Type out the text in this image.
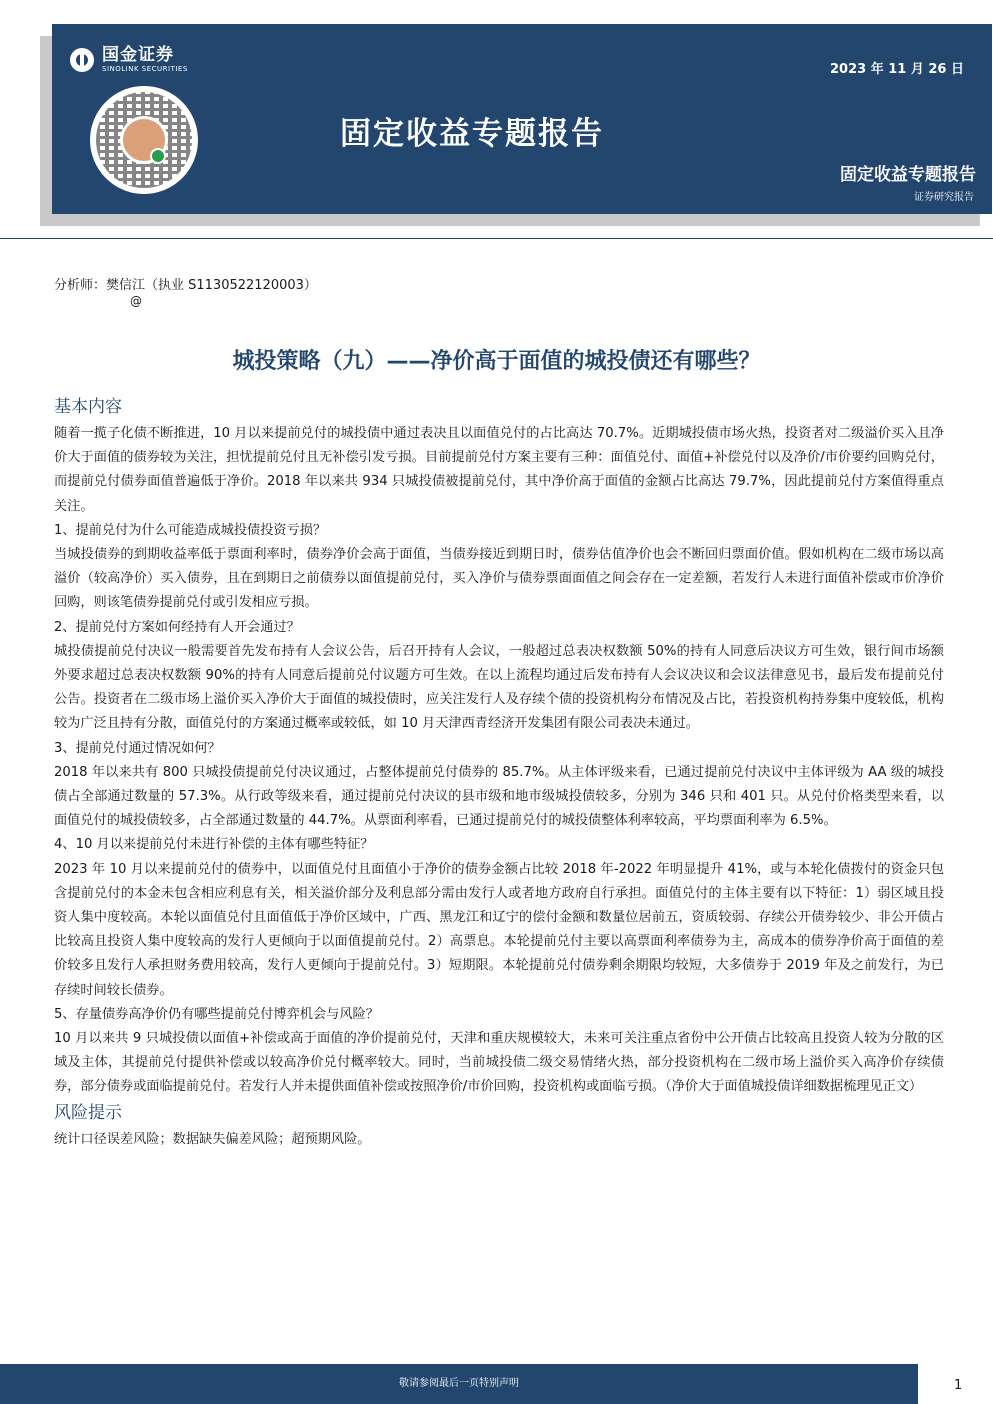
国金证券
SINOLINK SECURITIES	2023 年 11 月 26 日
固定收益专题报告
固定收益专题报告
证券研究报告
分析师：樊信江（执业 S1130522120003）
@
城投策略（九）——净价高于面值的城投债还有哪些？
基本内容

随着一揽子化债不断推进，10 月以来提前兑付的城投债中通过表决且以面值兑付的占比高达 70.7%。近期城投债市场火热，投资者对二级溢价买入且净价大于面值的债券较为关注，担忧提前兑付且无补偿引发亏损。目前提前兑付方案主要有三种：面值兑付、面值+补偿兑付以及净价/市价要约回购兑付，而提前兑付债券面值普遍低于净价。2018 年以来共 934 只城投债被提前兑付，其中净价高于面值的金额占比高达 79.7%，因此提前兑付方案值得重点关注。

1、提前兑付为什么可能造成城投债投资亏损？

当城投债券的到期收益率低于票面利率时，债券净价会高于面值，当债券接近到期日时，债券估值净价也会不断回归票面价值。假如机构在二级市场以高溢价（较高净价）买入债券，且在到期日之前债券以面值提前兑付，买入净价与债券票面面值之间会存在一定差额，若发行人未进行面值补偿或市价净价回购，则该笔债券提前兑付或引发相应亏损。

2、提前兑付方案如何经持有人开会通过？

城投债提前兑付决议一般需要首先发布持有人会议公告，后召开持有人会议，一般超过总表决权数额 50%的持有人同意后决议方可生效，银行间市场额外要求超过总表决权数额 90%的持有人同意后提前兑付议题方可生效。在以上流程均通过后发布持有人会议决议和会议法律意见书，最后发布提前兑付公告。投资者在二级市场上溢价买入净价大于面值的城投债时，应关注发行人及存续个债的投资机构分布情况及占比，若投资机构持券集中度较低，机构较为广泛且持有分散，面值兑付的方案通过概率或较低，如 10 月天津西青经济开发集团有限公司表决未通过。

3、提前兑付通过情况如何？

2018 年以来共有 800 只城投债提前兑付决议通过，占整体提前兑付债券的 85.7%。从主体评级来看，已通过提前兑付决议中主体评级为 AA 级的城投债占全部通过数量的 57.3%。从行政等级来看，通过提前兑付决议的县市级和地市级城投债较多，分别为 346 只和 401 只。从兑付价格类型来看，以面值兑付的城投债较多，占全部通过数量的 44.7%。从票面利率看，已通过提前兑付的城投债整体利率较高，平均票面利率为 6.5%。

4、10 月以来提前兑付未进行补偿的主体有哪些特征？

2023 年 10 月以来提前兑付的债券中，以面值兑付且面值小于净价的债券金额占比较 2018 年-2022 年明显提升 41%，或与本轮化债拨付的资金只包含提前兑付的本金未包含相应利息有关，相关溢价部分及利息部分需由发行人或者地方政府自行承担。面值兑付的主体主要有以下特征：1）弱区域且投资人集中度较高。本轮以面值兑付且面值低于净价区域中，广西、黑龙江和辽宁的偿付金额和数量位居前五，资质较弱、存续公开债券较少、非公开债占比较高且投资人集中度较高的发行人更倾向于以面值提前兑付。2）高票息。本轮提前兑付主要以高票面利率债券为主，高成本的债券净价高于面值的差价较多且发行人承担财务费用较高，发行人更倾向于提前兑付。3）短期限。本轮提前兑付债券剩余期限均较短，大多债券于 2019 年及之前发行，为已存续时间较长债券。

5、存量债券高净价仍有哪些提前兑付博弈机会与风险？

10 月以来共 9 只城投债以面值+补偿或高于面值的净价提前兑付，天津和重庆规模较大，未来可关注重点省份中公开债占比较高且投资人较为分散的区域及主体，其提前兑付提供补偿或以较高净价兑付概率较大。同时，当前城投债二级交易情绪火热，部分投资机构在二级市场上溢价买入高净价存续债券，部分债券或面临提前兑付。若发行人并未提供面值补偿或按照净价/市价回购，投资机构或面临亏损。（净价大于面值城投债详细数据梳理见正文）

风险提示

统计口径误差风险；数据缺失偏差风险；超预期风险。

敬请参阅最后一页特别声明	1
